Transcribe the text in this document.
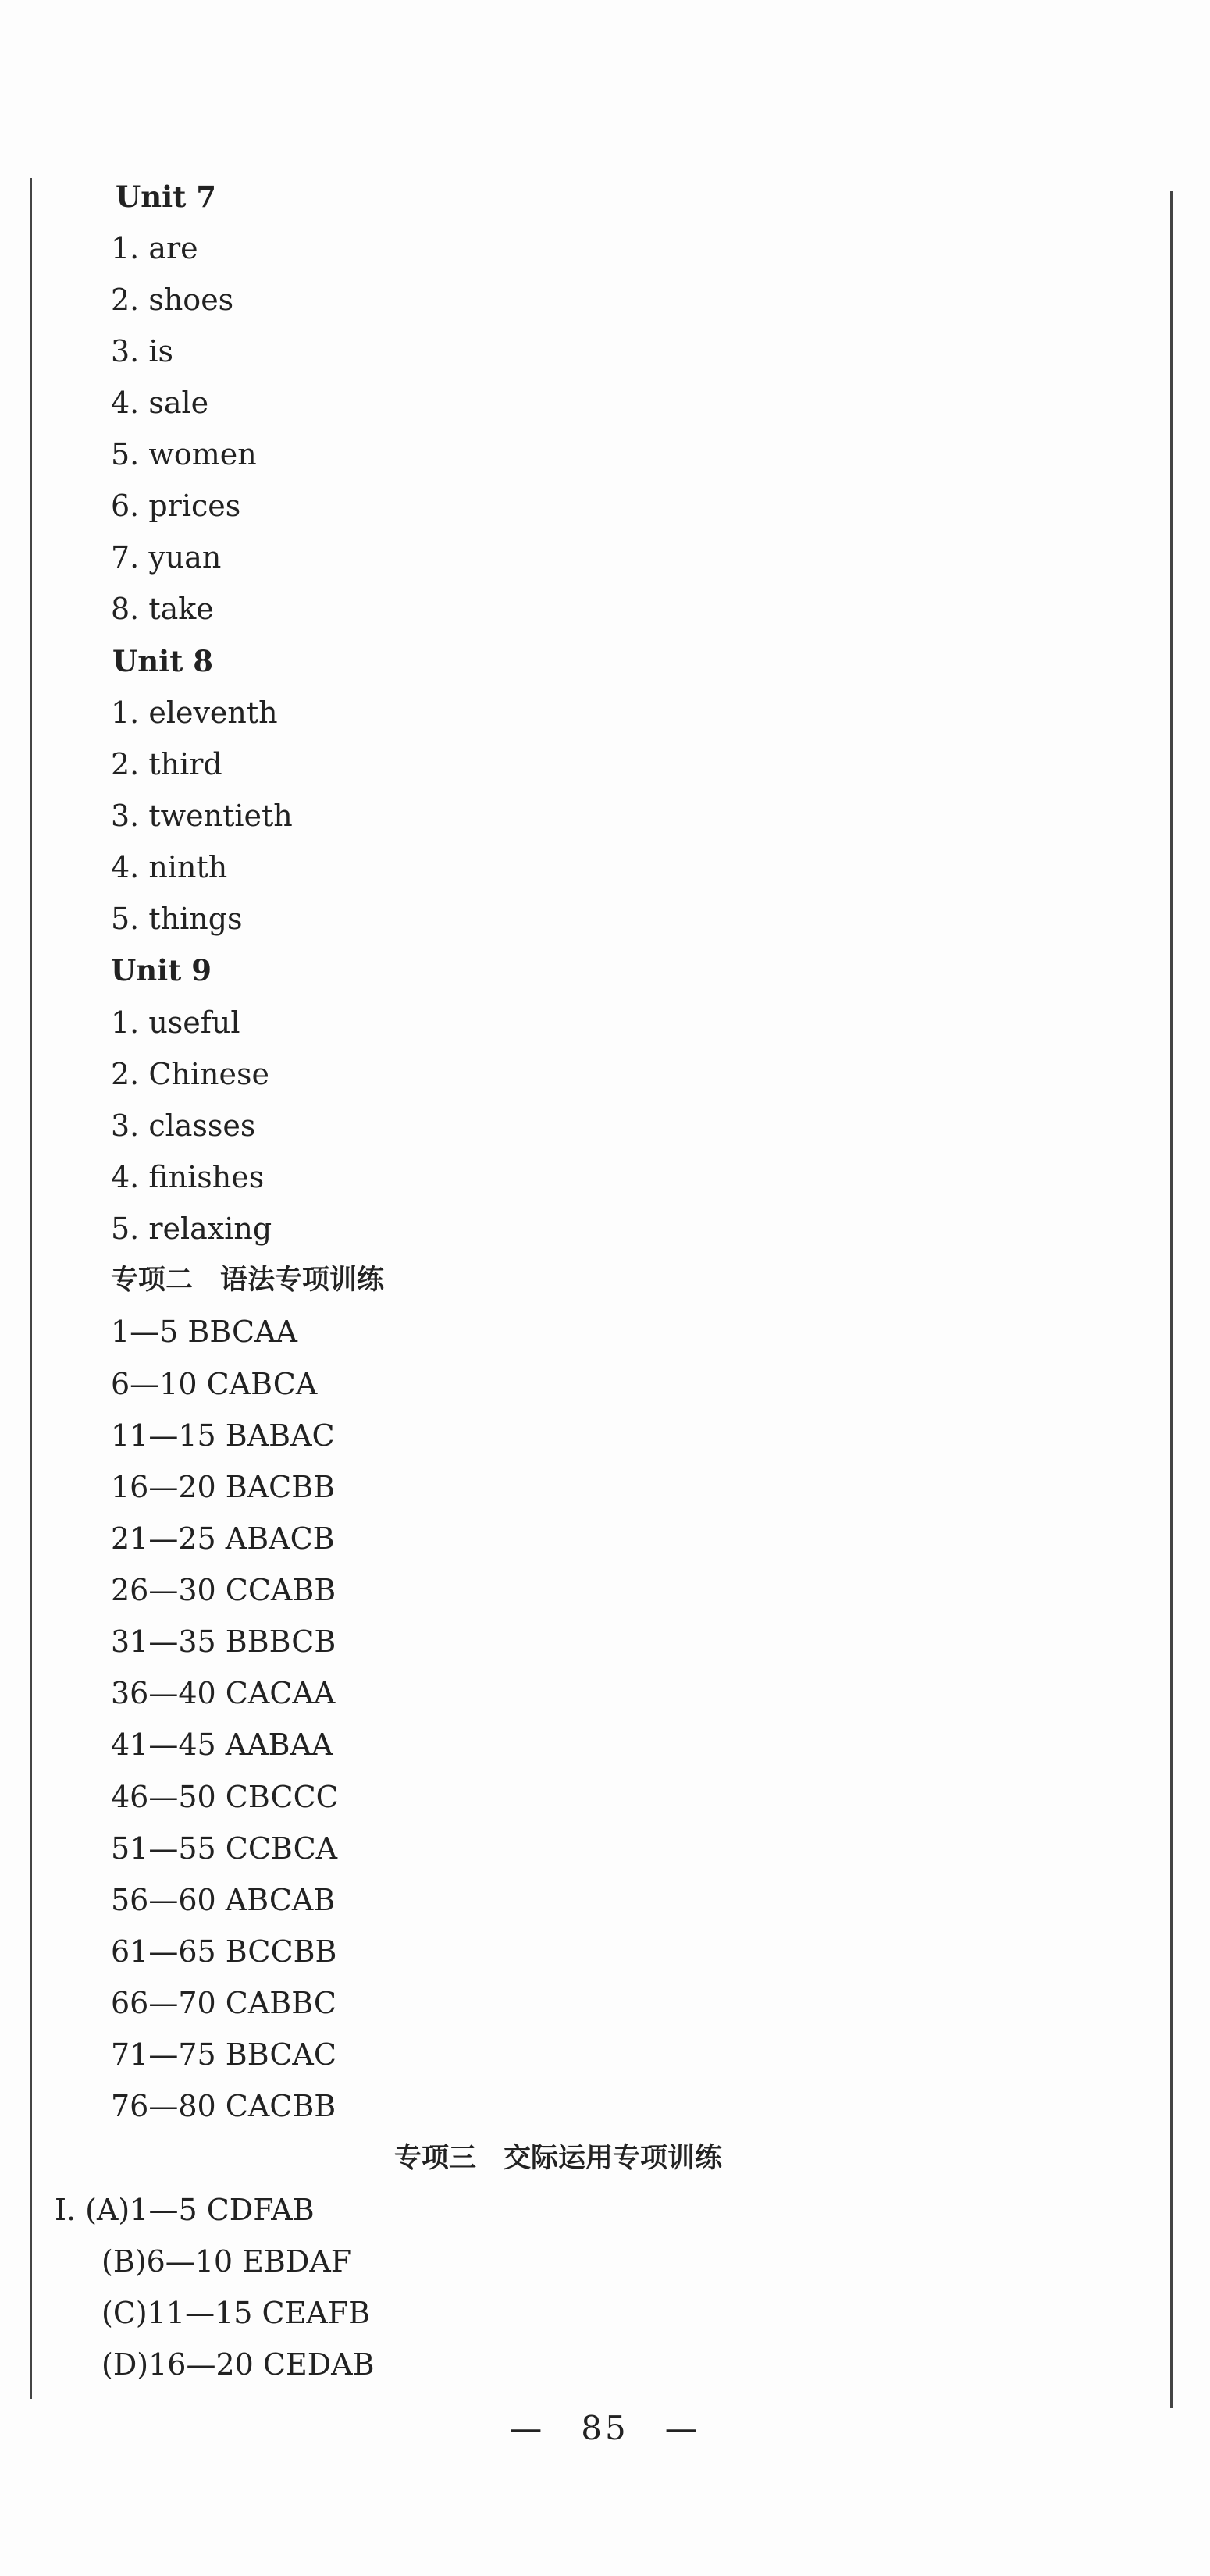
Unit 7
1. are
2. shoes
3. is
4. sale
5. women
6. prices
7. yuan
8. take
Unit 8
1. eleventh
2. third
3. twentieth
4. ninth
5. things
Unit 9
1. useful
2. Chinese
3. classes
4. finishes
5. relaxing
专项二　语法专项训练
1—5 BBCAA
6—10 CABCA
11—15 BABAC
16—20 BACBB
21—25 ABACB
26—30 CCABB
31—35 BBBCB
36—40 CACAA
41—45 AABAA
46—50 CBCCC
51—55 CCBCA
56—60 ABCAB
61—65 BCCBB
66—70 CABBC
71—75 BBCAC
76—80 CACBB
专项三　交际运用专项训练
Ⅰ. (A)1—5 CDFAB
(B)6—10 EBDAF
(C)11—15 CEAFB
(D)16—20 CEDAB
—　85　—
